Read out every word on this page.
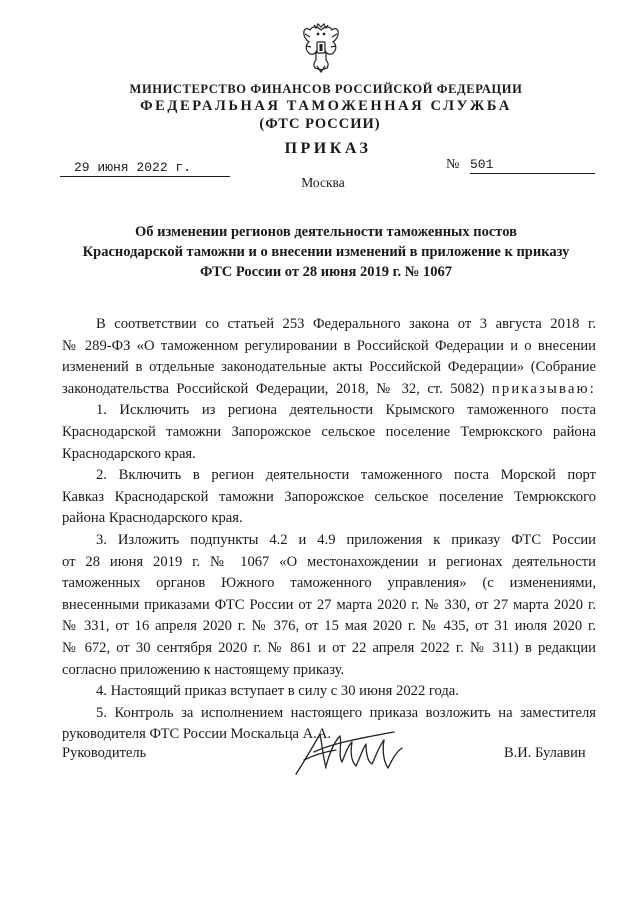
МИНИСТЕРСТВО ФИНАНСОВ РОССИЙСКОЙ ФЕДЕРАЦИИ
ФЕДЕРАЛЬНАЯ ТАМОЖЕННАЯ СЛУЖБА
(ФТС РОССИИ)
ПРИКАЗ
29 июня 2022 г.	№ 501
Москва
Об изменении регионов деятельности таможенных постов
Краснодарской таможни и о внесении изменений в приложение к приказу
ФТС России от 28 июня 2019 г. № 1067
В соответствии со статьей 253 Федерального закона от 3 августа 2018 г.
№ 289-ФЗ «О таможенном регулировании в Российской Федерации и о внесении
изменений в отдельные законодательные акты Российской Федерации» (Собрание
законодательства Российской Федерации, 2018, № 32, ст. 5082) приказываю:
1. Исключить из региона деятельности Крымского таможенного поста
Краснодарской таможни Запорожское сельское поселение Темрюкского района
Краснодарского края.
2. Включить в регион деятельности таможенного поста Морской порт
Кавказ Краснодарской таможни Запорожское сельское поселение Темрюкского
района Краснодарского края.
3. Изложить подпункты 4.2 и 4.9 приложения к приказу ФТС России
от 28 июня 2019 г. № 1067 «О местонахождении и регионах деятельности
таможенных органов Южного таможенного управления» (с изменениями,
внесенными приказами ФТС России от 27 марта 2020 г. № 330, от 27 марта 2020 г.
№ 331, от 16 апреля 2020 г. № 376, от 15 мая 2020 г. № 435, от 31 июля 2020 г.
№ 672, от 30 сентября 2020 г. № 861 и от 22 апреля 2022 г. № 311) в редакции
согласно приложению к настоящему приказу.
4. Настоящий приказ вступает в силу с 30 июня 2022 года.
5. Контроль за исполнением настоящего приказа возложить на заместителя
руководителя ФТС России Москальца А.А.
Руководитель	В.И. Булавин
